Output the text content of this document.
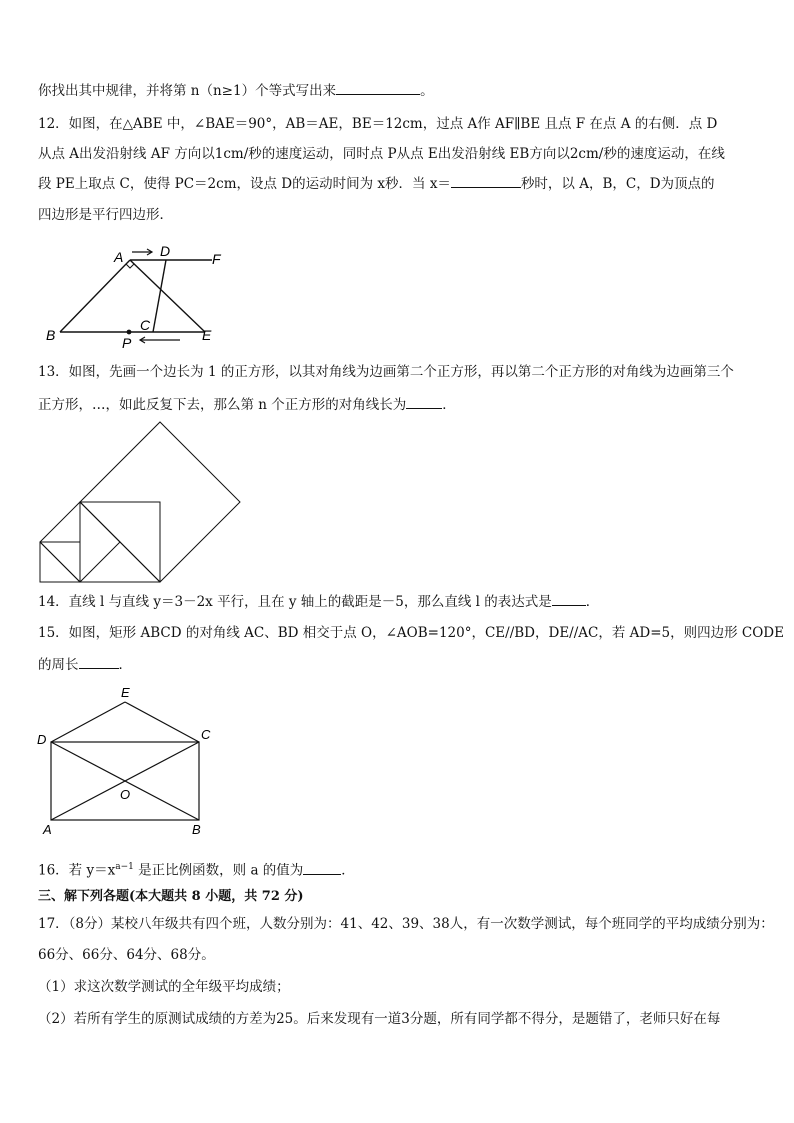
你找出其中规律，并将第 n（n≥1）个等式写出来	。
12．如图，在△ABE 中，∠BAE＝90°，AB＝AE，BE＝12cm，过点 A作 AF∥BE 且点 F 在点 A 的右侧．点 D
从点 A出发沿射线 AF 方向以1cm/秒的速度运动，同时点 P从点 E出发沿射线 EB方向以2cm/秒的速度运动，在线
段 PE上取点 C，使得 PC＝2cm，设点 D的运动时间为 x秒．当 x＝	秒时，以 A，B，C，D为顶点的
四边形是平行四边形．
A	D	F
B
C
E
P
13．如图，先画一个边长为 1 的正方形，以其对角线为边画第二个正方形，再以第二个正方形的对角线为边画第三个
正方形，…，如此反复下去，那么第 n 个正方形的对角线长为	．
14．直线 l 与直线 y＝3－2x 平行，且在 y 轴上的截距是－5，那么直线 l 的表达式是	．
15．如图，矩形 ABCD 的对角线 AC、BD 相交于点 O，∠AOB=120°，CE//BD，DE//AC，若 AD=5，则四边形 CODE
的周长	．
E
D	C
O
A	B
16．若 $y=x^{a-1}$ 是正比例函数，则 a 的值为	．
三、解下列各题(本大题共 8 小题，共 72 分)
17．（8分）某校八年级共有四个班，人数分别为：41、42、39、38人，有一次数学测试，每个班同学的平均成绩分别为：
66分、66分、64分、68分。
（1）求这次数学测试的全年级平均成绩；
（2）若所有学生的原测试成绩的方差为25。后来发现有一道3分题，所有同学都不得分，是题错了，老师只好在每
